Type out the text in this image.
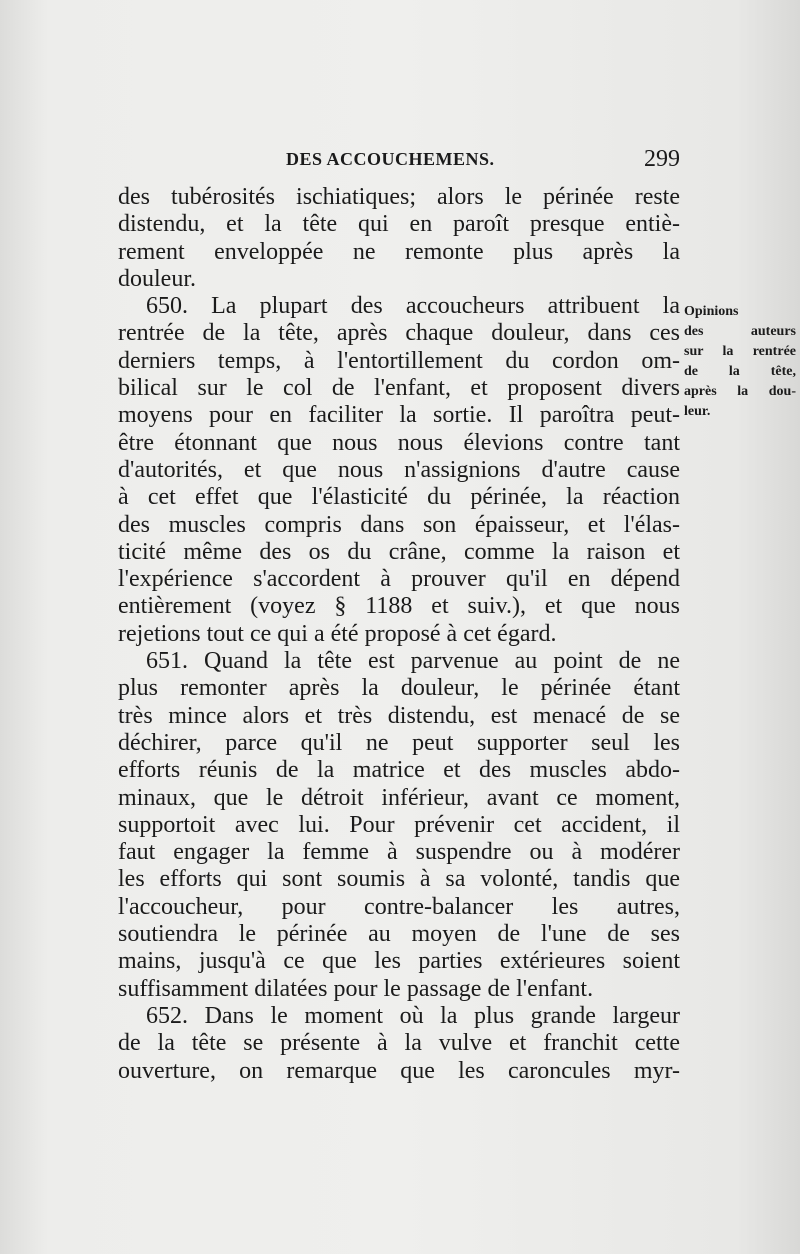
DES ACCOUCHEMENS.	299
des tubérosités ischiatiques; alors le périnée reste
distendu, et la tête qui en paroît presque entiè-
rement enveloppée ne remonte plus après la
douleur.
650. La plupart des accoucheurs attribuent la
rentrée de la tête, après chaque douleur, dans ces
derniers temps, à l'entortillement du cordon om-
bilical sur le col de l'enfant, et proposent divers
moyens pour en faciliter la sortie. Il paroîtra peut-
être étonnant que nous nous élevions contre tant
d'autorités, et que nous n'assignions d'autre cause
à cet effet que l'élasticité du périnée, la réaction
des muscles compris dans son épaisseur, et l'élas-
ticité même des os du crâne, comme la raison et
l'expérience s'accordent à prouver qu'il en dépend
entièrement (voyez § 1188 et suiv.), et que nous
rejetions tout ce qui a été proposé à cet égard.
651. Quand la tête est parvenue au point de ne
plus remonter après la douleur, le périnée étant
très mince alors et très distendu, est menacé de se
déchirer, parce qu'il ne peut supporter seul les
efforts réunis de la matrice et des muscles abdo-
minaux, que le détroit inférieur, avant ce moment,
supportoit avec lui. Pour prévenir cet accident, il
faut engager la femme à suspendre ou à modérer
les efforts qui sont soumis à sa volonté, tandis que
l'accoucheur, pour contre-balancer les autres,
soutiendra le périnée au moyen de l'une de ses
mains, jusqu'à ce que les parties extérieures soient
suffisamment dilatées pour le passage de l'enfant.
652. Dans le moment où la plus grande largeur
de la tête se présente à la vulve et franchit cette
ouverture, on remarque que les caroncules myr-
Opinions
des auteurs
sur la rentrée
de la tête,
après la dou-
leur.
